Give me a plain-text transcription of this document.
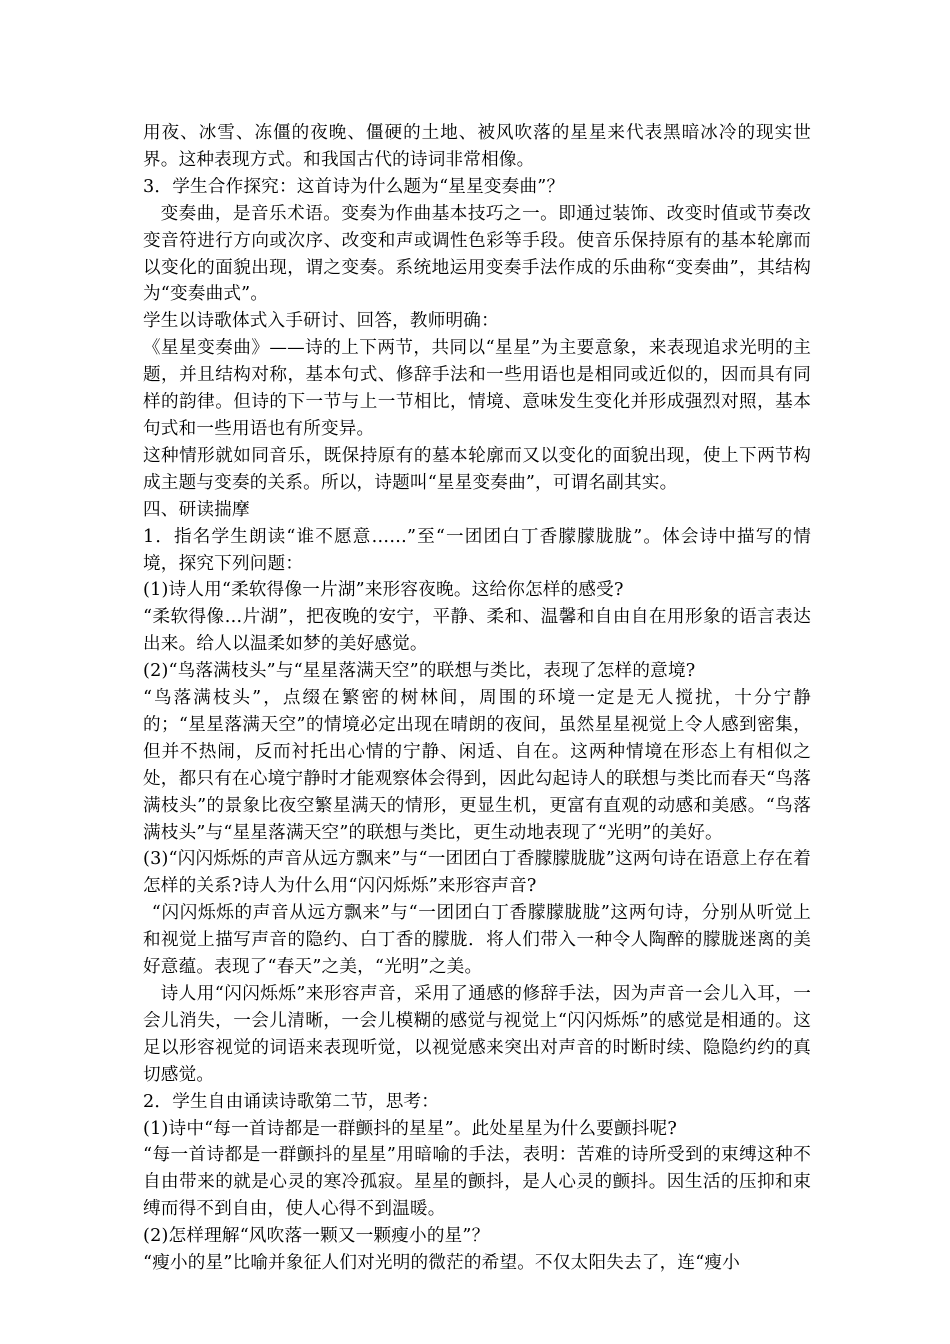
用夜、冰雪、冻僵的夜晚、僵硬的土地、被风吹落的星星来代表黑暗冰冷的现实世界。这种表现方式。和我国古代的诗词非常相像。

3．学生合作探究：这首诗为什么题为“星星变奏曲”？

变奏曲，是音乐术语。变奏为作曲基本技巧之一。即通过装饰、改变时值或节奏改变音符进行方向或次序、改变和声或调性色彩等手段。使音乐保持原有的基本轮廓而以变化的面貌出现，谓之变奏。系统地运用变奏手法作成的乐曲称“变奏曲”，其结构为“变奏曲式”。

学生以诗歌体式入手研讨、回答，教师明确：

《星星变奏曲》——诗的上下两节，共同以“星星”为主要意象，来表现追求光明的主题，并且结构对称，基本句式、修辞手法和一些用语也是相同或近似的，因而具有同样的韵律。但诗的下一节与上一节相比，情境、意味发生变化并形成强烈对照，基本句式和一些用语也有所变异。

这种情形就如同音乐，既保持原有的墓本轮廓而又以变化的面貌出现，使上下两节构成主题与变奏的关系。所以，诗题叫“星星变奏曲”，可谓名副其实。

四、研读揣摩

1．指名学生朗读“谁不愿意……”至“一团团白丁香朦朦胧胧”。体会诗中描写的情境，探究下列问题：

(1)诗人用“柔软得像一片湖”来形容夜晚。这给你怎样的感受?

“柔软得像…片湖”，把夜晚的安宁，平静、柔和、温馨和自由自在用形象的语言表达出来。给人以温柔如梦的美好感觉。

(2)“鸟落满枝头”与“星星落满天空”的联想与类比，表现了怎样的意境?

“鸟落满枝头”，点缀在繁密的树林间，周围的环境一定是无人搅扰，十分宁静的；“星星落满天空”的情境必定出现在晴朗的夜间，虽然星星视觉上令人感到密集，但并不热闹，反而衬托出心情的宁静、闲适、自在。这两种情境在形态上有相似之处，都只有在心境宁静时才能观察体会得到，因此勾起诗人的联想与类比而春天“鸟落满枝头”的景象比夜空繁星满天的情形，更显生机，更富有直观的动感和美感。“鸟落满枝头”与“星星落满天空”的联想与类比，更生动地表现了“光明”的美好。

(3)“闪闪烁烁的声音从远方飘来”与“一团团白丁香朦朦胧胧”这两句诗在语意上存在着怎样的关系?诗人为什么用“闪闪烁烁”来形容声音?

“闪闪烁烁的声音从远方飘来”与“一团团白丁香朦朦胧胧”这两句诗，分别从听觉上和视觉上描写声音的隐约、白丁香的朦胧．将人们带入一种令人陶醉的朦胧迷离的美好意蕴。表现了“春天”之美，“光明”之美。

诗人用“闪闪烁烁”来形容声音，采用了通感的修辞手法，因为声音一会儿入耳，一会儿消失，一会儿清晰，一会儿模糊的感觉与视觉上“闪闪烁烁”的感觉是相通的。这足以形容视觉的词语来表现听觉，以视觉感来突出对声音的时断时续、隐隐约约的真切感觉。

2．学生自由诵读诗歌第二节，思考：

(1)诗中“每一首诗都是一群颤抖的星星”。此处星星为什么要颤抖呢?

“每一首诗都是一群颤抖的星星”用暗喻的手法，表明：苦难的诗所受到的束缚这种不自由带来的就是心灵的寒冷孤寂。星星的颤抖，是人心灵的颤抖。因生活的压抑和束缚而得不到自由，使人心得不到温暖。

(2)怎样理解“风吹落一颗又一颗瘦小的星”？

“瘦小的星”比喻并象征人们对光明的微茫的希望。不仅太阳失去了，连“瘦小
